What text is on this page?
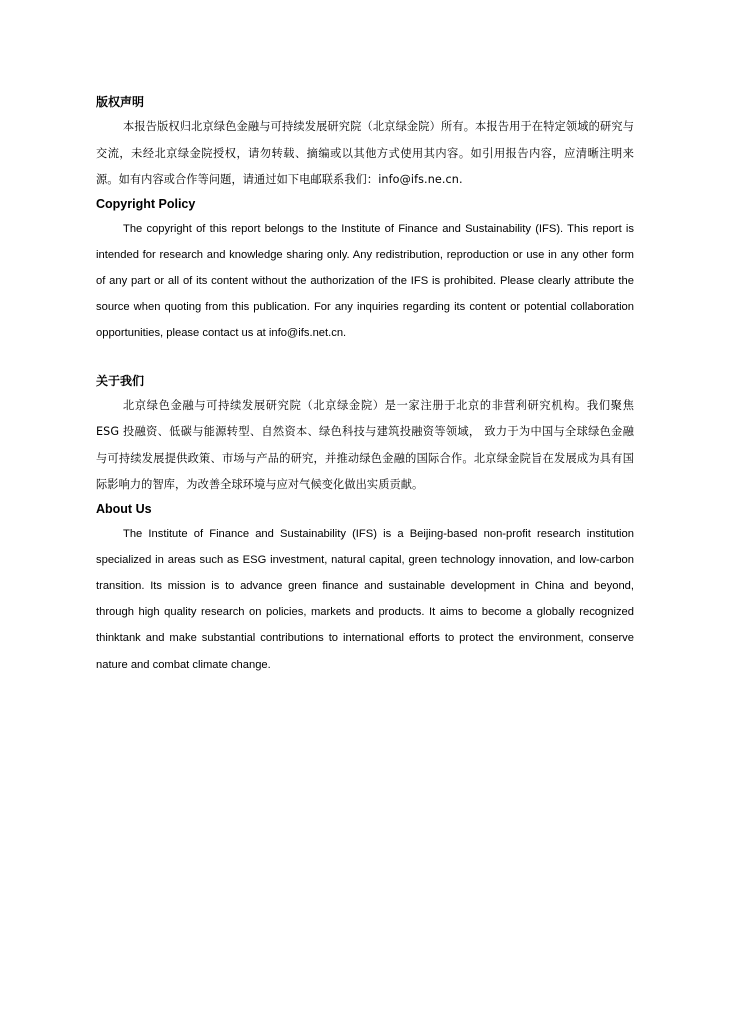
版权声明

本报告版权归北京绿色金融与可持续发展研究院（北京绿金院）所有。本报告用于在特定领域的研究与交流，未经北京绿金院授权，请勿转载、摘编或以其他方式使用其内容。如引用报告内容，应清晰注明来源。如有内容或合作等问题，请通过如下电邮联系我们：info@ifs.ne.cn.

Copyright Policy

The copyright of this report belongs to the Institute of Finance and Sustainability (IFS). This report is intended for research and knowledge sharing only. Any redistribution, reproduction or use in any other form of any part or all of its content without the authorization of the IFS is prohibited. Please clearly attribute the source when quoting from this publication. For any inquiries regarding its content or potential collaboration opportunities, please contact us at info@ifs.net.cn.

关于我们

北京绿色金融与可持续发展研究院（北京绿金院）是一家注册于北京的非营利研究机构。我们聚焦 ESG 投融资、低碳与能源转型、自然资本、绿色科技与建筑投融资等领域， 致力于为中国与全球绿色金融与可持续发展提供政策、市场与产品的研究，并推动绿色金融的国际合作。北京绿金院旨在发展成为具有国际影响力的智库，为改善全球环境与应对气候变化做出实质贡献。

About Us

The Institute of Finance and Sustainability (IFS) is a Beijing-based non-profit research institution specialized in areas such as ESG investment, natural capital, green technology innovation, and low-carbon transition. Its mission is to advance green finance and sustainable development in China and beyond, through high quality research on policies, markets and products. It aims to become a globally recognized thinktank and make substantial contributions to international efforts to protect the environment, conserve nature and combat climate change.
